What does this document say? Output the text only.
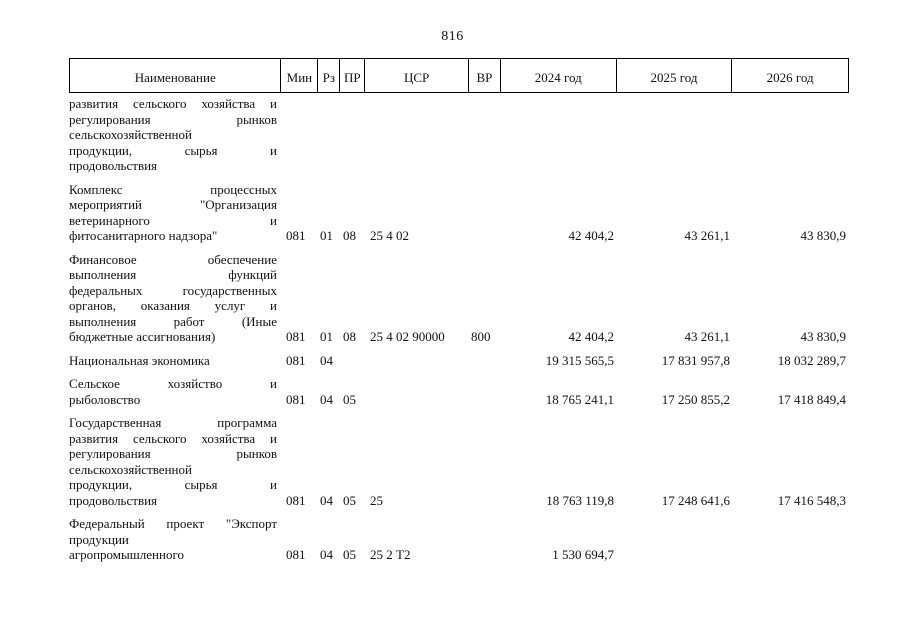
816
Наименование	Мин Рз ПР	ЦСР	ВР	2024 год	2025 год	2026 год
развития сельского хозяйства и
регулирования рынков
сельскохозяйственной
продукции, сырья и
продовольствия
Комплекс процессных
мероприятий "Организация
ветеринарного и
фитосанитарного надзора"	081	01 08	25 4 02	42 404,2	43 261,1	43 830,9
Финансовое обеспечение
выполнения функций
федеральных государственных
органов, оказания услуг и
выполнения работ (Иные
бюджетные ассигнования)	081	01 08	25 4 02 90000	800	42 404,2	43 261,1	43 830,9
Национальная экономика	081	04	19 315 565,5	17 831 957,8	18 032 289,7
Сельское хозяйство и
рыболовство	081	04 05	18 765 241,1	17 250 855,2	17 418 849,4
Государственная программа
развития сельского хозяйства и
регулирования рынков
сельскохозяйственной
продукции, сырья и
продовольствия	081	04 05	25	18 763 119,8	17 248 641,6	17 416 548,3
Федеральный проект "Экспорт
продукции
агропромышленного	081	04 05	25 2 Т2	1 530 694,7
